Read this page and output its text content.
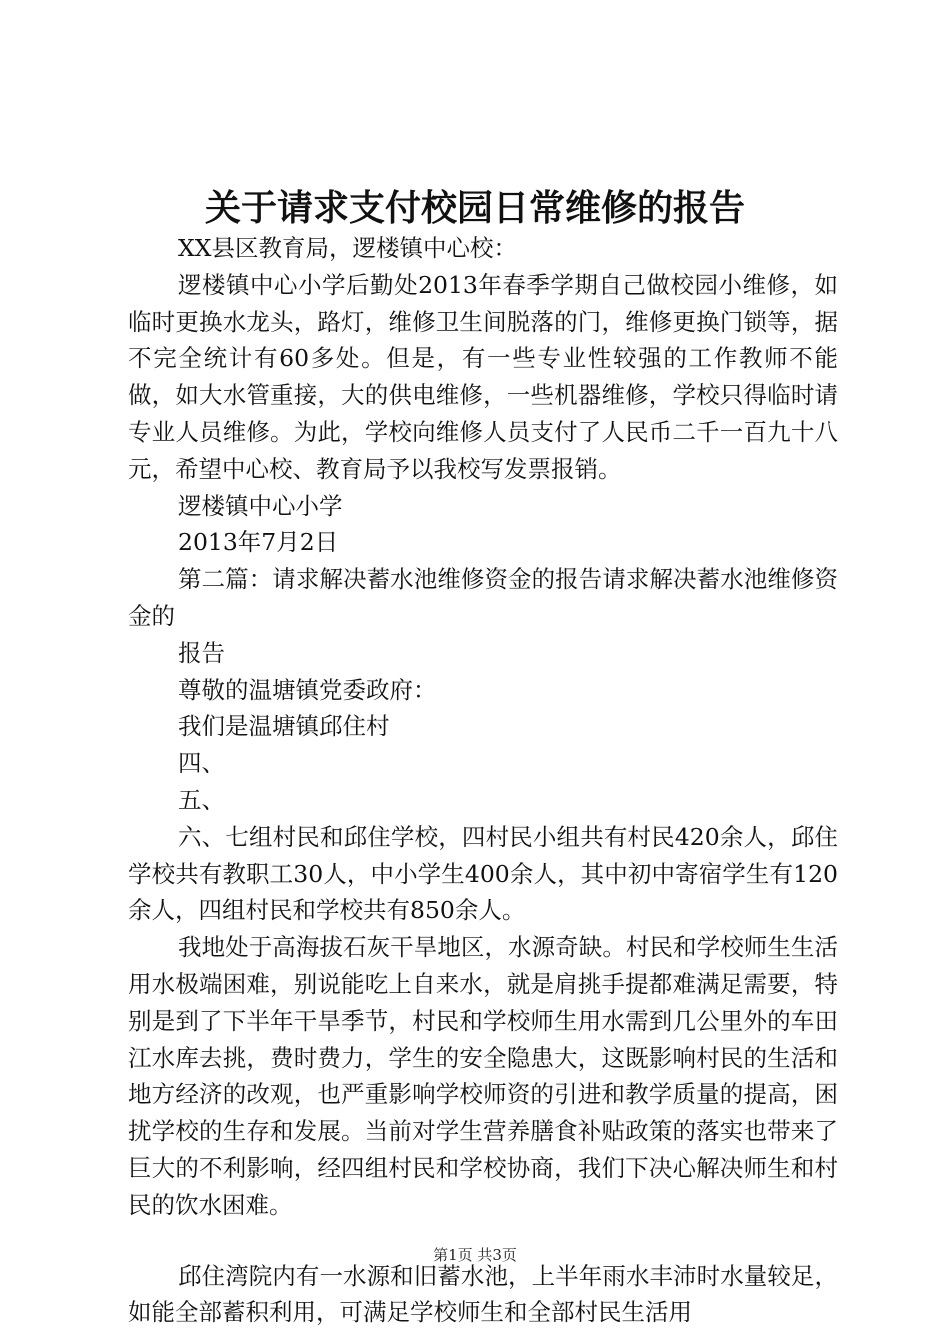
关于请求支付校园日常维修的报告

XX县区教育局，逻楼镇中心校：

逻楼镇中心小学后勤处2013年春季学期自己做校园小维修，如临时更换水龙头，路灯，维修卫生间脱落的门，维修更换门锁等，据不完全统计有60多处。但是，有一些专业性较强的工作教师不能做，如大水管重接，大的供电维修，一些机器维修，学校只得临时请专业人员维修。为此，学校向维修人员支付了人民币二千一百九十八元，希望中心校、教育局予以我校写发票报销。

逻楼镇中心小学

2013年7月2日

第二篇：请求解决蓄水池维修资金的报告请求解决蓄水池维修资金的

报告

尊敬的温塘镇党委政府：

我们是温塘镇邱住村

四、

五、

六、七组村民和邱住学校，四村民小组共有村民420余人，邱住学校共有教职工30人，中小学生400余人，其中初中寄宿学生有120余人，四组村民和学校共有850余人。

我地处于高海拔石灰干旱地区，水源奇缺。村民和学校师生生活用水极端困难，别说能吃上自来水，就是肩挑手提都难满足需要，特别是到了下半年干旱季节，村民和学校师生用水需到几公里外的车田江水库去挑，费时费力，学生的安全隐患大，这既影响村民的生活和地方经济的改观，也严重影响学校师资的引进和教学质量的提高，困扰学校的生存和发展。当前对学生营养膳食补贴政策的落实也带来了巨大的不利影响，经四组村民和学校协商，我们下决心解决师生和村民的饮水困难。

邱住湾院内有一水源和旧蓄水池，上半年雨水丰沛时水量较足，如能全部蓄积利用，可满足学校师生和全部村民生活用

第1页 共3页
